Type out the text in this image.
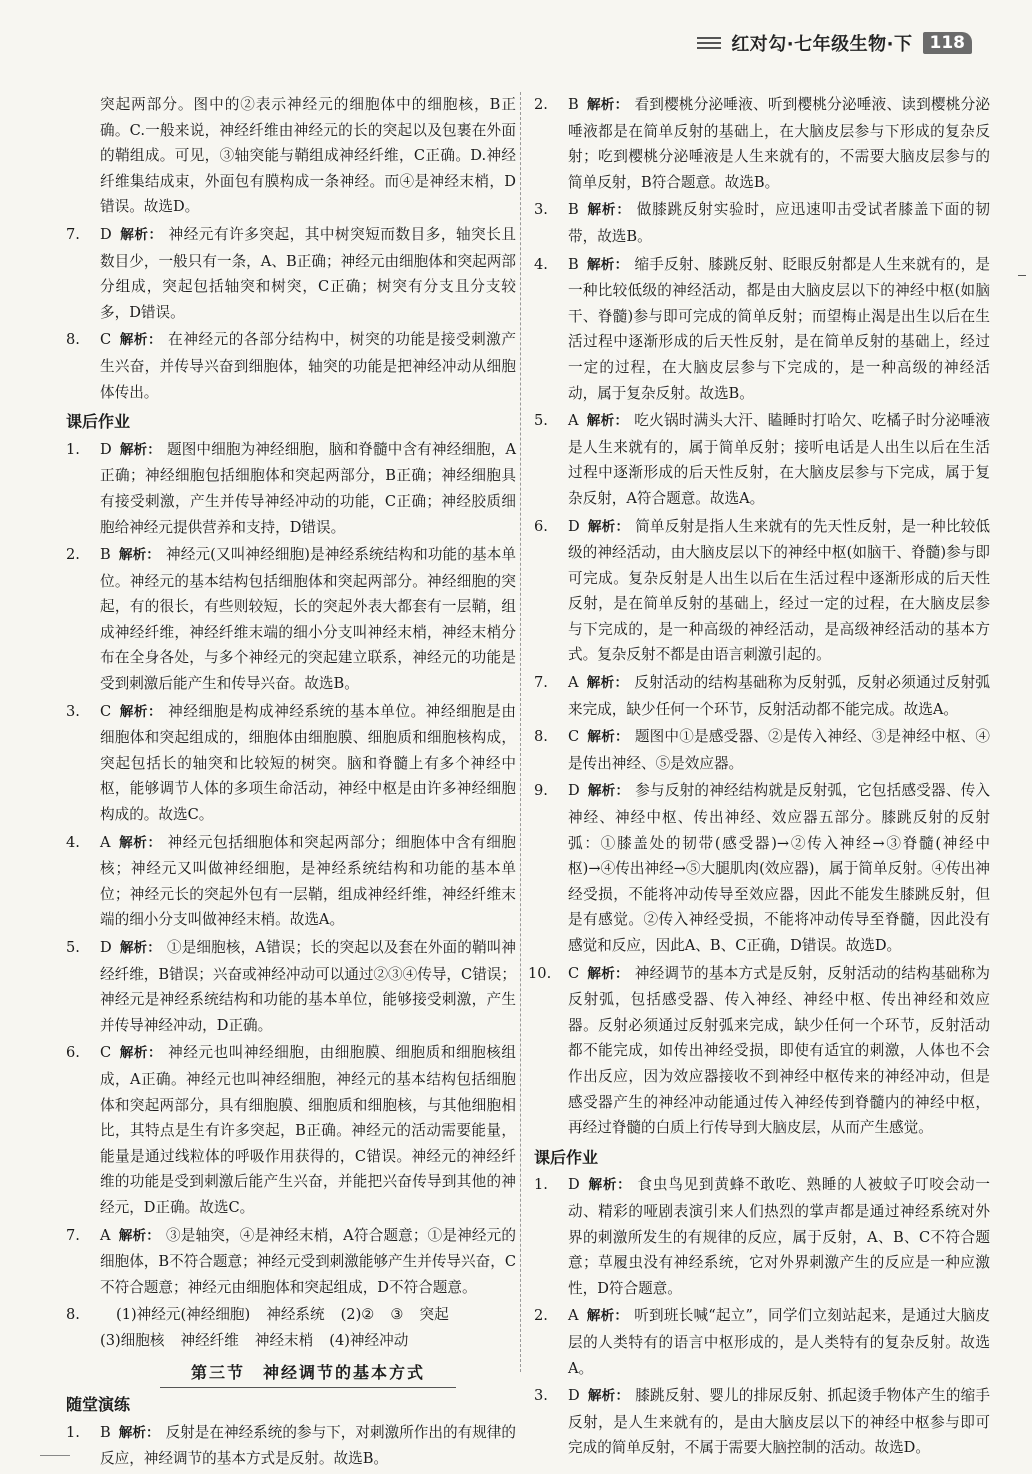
红对勾·七年级生物·下	118
突起两部分。图中的②表示神经元的细胞体中的细胞核，B正确。C.一般来说，神经纤维由神经元的长的突起以及包裹在外面的鞘组成。可见，③轴突能与鞘组成神经纤维，C正确。D.神经纤维集结成束，外面包有膜构成一条神经。而④是神经末梢，D错误。故选D。
7.	D 解析： 神经元有许多突起，其中树突短而数目多，轴突长且数目少，一般只有一条，A、B正确；神经元由细胞体和突起两部分组成，突起包括轴突和树突，C正确；树突有分支且分支较多，D错误。
8.	C 解析： 在神经元的各部分结构中，树突的功能是接受刺激产生兴奋，并传导兴奋到细胞体，轴突的功能是把神经冲动从细胞体传出。
课后作业
1.	D 解析： 题图中细胞为神经细胞，脑和脊髓中含有神经细胞，A正确；神经细胞包括细胞体和突起两部分，B正确；神经细胞具有接受刺激，产生并传导神经冲动的功能，C正确；神经胶质细胞给神经元提供营养和支持，D错误。
2.	B 解析： 神经元(又叫神经细胞)是神经系统结构和功能的基本单位。神经元的基本结构包括细胞体和突起两部分。神经细胞的突起，有的很长，有些则较短，长的突起外表大都套有一层鞘，组成神经纤维，神经纤维末端的细小分支叫神经末梢，神经末梢分布在全身各处，与多个神经元的突起建立联系，神经元的功能是受到刺激后能产生和传导兴奋。故选B。
3.	C 解析： 神经细胞是构成神经系统的基本单位。神经细胞是由细胞体和突起组成的，细胞体由细胞膜、细胞质和细胞核构成，突起包括长的轴突和比较短的树突。脑和脊髓上有多个神经中枢，能够调节人体的多项生命活动，神经中枢是由许多神经细胞构成的。故选C。
4.	A 解析： 神经元包括细胞体和突起两部分；细胞体中含有细胞核；神经元又叫做神经细胞，是神经系统结构和功能的基本单位；神经元长的突起外包有一层鞘，组成神经纤维，神经纤维末端的细小分支叫做神经末梢。故选A。
5.	D 解析： ①是细胞核，A错误；长的突起以及套在外面的鞘叫神经纤维，B错误；兴奋或神经冲动可以通过②③④传导，C错误；神经元是神经系统结构和功能的基本单位，能够接受刺激，产生并传导神经冲动，D正确。
6.	C 解析： 神经元也叫神经细胞，由细胞膜、细胞质和细胞核组成，A正确。神经元也叫神经细胞，神经元的基本结构包括细胞体和突起两部分，具有细胞膜、细胞质和细胞核，与其他细胞相比，其特点是生有许多突起，B正确。神经元的活动需要能量，能量是通过线粒体的呼吸作用获得的，C错误。神经元的神经纤维的功能是受到刺激后能产生兴奋，并能把兴奋传导到其他的神经元，D正确。故选C。
7.	A 解析： ③是轴突，④是神经末梢，A符合题意；①是神经元的细胞体，B不符合题意；神经元受到刺激能够产生并传导兴奋，C不符合题意；神经元由细胞体和突起组成，D不符合题意。
8.	(1)神经元(神经细胞) 神经系统 (2)② ③ 突起
(3)细胞核 神经纤维 神经末梢 (4)神经冲动
第三节　神经调节的基本方式
随堂演练
1.	B 解析： 反射是在神经系统的参与下，对刺激所作出的有规律的反应，神经调节的基本方式是反射。故选B。
2.	B 解析： 看到樱桃分泌唾液、听到樱桃分泌唾液、读到樱桃分泌唾液都是在简单反射的基础上，在大脑皮层参与下形成的复杂反射；吃到樱桃分泌唾液是人生来就有的，不需要大脑皮层参与的简单反射，B符合题意。故选B。
3.	B 解析： 做膝跳反射实验时，应迅速叩击受试者膝盖下面的韧带，故选B。
4.	B 解析： 缩手反射、膝跳反射、眨眼反射都是人生来就有的，是一种比较低级的神经活动，都是由大脑皮层以下的神经中枢(如脑干、脊髓)参与即可完成的简单反射；而望梅止渴是出生以后在生活过程中逐渐形成的后天性反射，是在简单反射的基础上，经过一定的过程，在大脑皮层参与下完成的，是一种高级的神经活动，属于复杂反射。故选B。
5.	A 解析： 吃火锅时满头大汗、瞌睡时打哈欠、吃橘子时分泌唾液是人生来就有的，属于简单反射；接听电话是人出生以后在生活过程中逐渐形成的后天性反射，在大脑皮层参与下完成，属于复杂反射，A符合题意。故选A。
6.	D 解析： 简单反射是指人生来就有的先天性反射，是一种比较低级的神经活动，由大脑皮层以下的神经中枢(如脑干、脊髓)参与即可完成。复杂反射是人出生以后在生活过程中逐渐形成的后天性反射，是在简单反射的基础上，经过一定的过程，在大脑皮层参与下完成的，是一种高级的神经活动，是高级神经活动的基本方式。复杂反射不都是由语言刺激引起的。
7.	A 解析： 反射活动的结构基础称为反射弧，反射必须通过反射弧来完成，缺少任何一个环节，反射活动都不能完成。故选A。
8.	C 解析： 题图中①是感受器、②是传入神经、③是神经中枢、④是传出神经、⑤是效应器。
9.	D 解析： 参与反射的神经结构就是反射弧，它包括感受器、传入神经、神经中枢、传出神经、效应器五部分。膝跳反射的反射弧：①膝盖处的韧带(感受器)→②传入神经→③脊髓(神经中枢)→④传出神经→⑤大腿肌肉(效应器)，属于简单反射。④传出神经受损，不能将冲动传导至效应器，因此不能发生膝跳反射，但是有感觉。②传入神经受损，不能将冲动传导至脊髓，因此没有感觉和反应，因此A、B、C正确，D错误。故选D。
10.	C 解析： 神经调节的基本方式是反射，反射活动的结构基础称为反射弧，包括感受器、传入神经、神经中枢、传出神经和效应器。反射必须通过反射弧来完成，缺少任何一个环节，反射活动都不能完成，如传出神经受损，即使有适宜的刺激，人体也不会作出反应，因为效应器接收不到神经中枢传来的神经冲动，但是感受器产生的神经冲动能通过传入神经传到脊髓内的神经中枢，再经过脊髓的白质上行传导到大脑皮层，从而产生感觉。
课后作业
1.	D 解析： 食虫鸟见到黄蜂不敢吃、熟睡的人被蚊子叮咬会动一动、精彩的哑剧表演引来人们热烈的掌声都是通过神经系统对外界的刺激所发生的有规律的反应，属于反射，A、B、C不符合题意；草履虫没有神经系统，它对外界刺激产生的反应是一种应激性，D符合题意。
2.	A 解析： 听到班长喊“起立”，同学们立刻站起来，是通过大脑皮层的人类特有的语言中枢形成的，是人类特有的复杂反射。故选A。
3.	D 解析： 膝跳反射、婴儿的排尿反射、抓起烫手物体产生的缩手反射，是人生来就有的，是由大脑皮层以下的神经中枢参与即可完成的简单反射，不属于需要大脑控制的活动。故选D。
